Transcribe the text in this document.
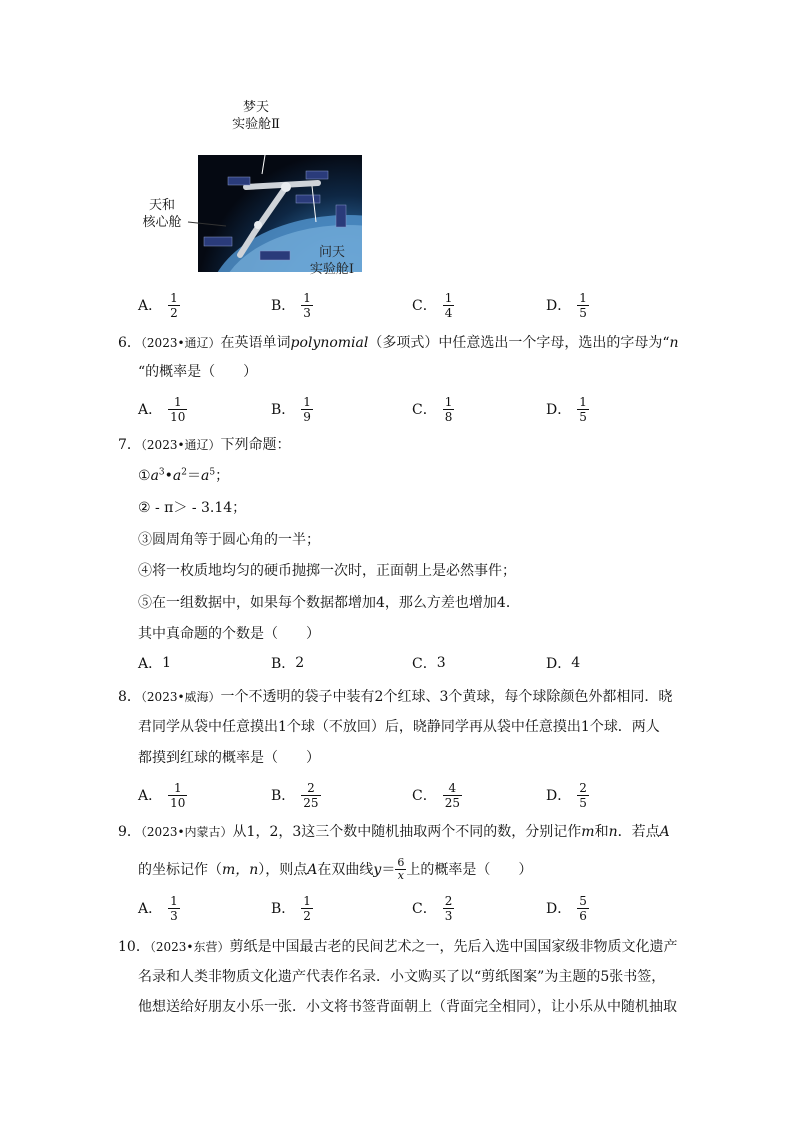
梦天
实验舱Ⅱ
天和
核心舱
问天
实验舱Ⅰ
A． $\frac{1}{2}$	B． $\frac{1}{3}$	C． $\frac{1}{4}$	D． $\frac{1}{5}$
6．（2023•通辽）在英语单词polynomial（多项式）中任意选出一个字母，选出的字母为“n
“的概率是（　　）
A． $\frac{1}{10}$	B． $\frac{1}{9}$	C． $\frac{1}{8}$	D． $\frac{1}{5}$
7．（2023•通辽）下列命题：
$①a^3•a^2=a^5$；
② ‑ π＞ ‑ 3.14；
③圆周角等于圆心角的一半；
④将一枚质地均匀的硬币抛掷一次时，正面朝上是必然事件；
⑤在一组数据中，如果每个数据都增加4，那么方差也增加4．
其中真命题的个数是（　　）
A． 1	B． 2	C． 3	D． 4
8．（2023•威海）一个不透明的袋子中装有2个红球、3个黄球，每个球除颜色外都相同．晓
君同学从袋中任意摸出1个球（不放回）后，晓静同学再从袋中任意摸出1个球．两人
都摸到红球的概率是（　　）
A． $\frac{1}{10}$	B． $\frac{2}{25}$	C． $\frac{4}{25}$	D． $\frac{2}{5}$
9．（2023•内蒙古）从1，2，3这三个数中随机抽取两个不同的数，分别记作m和n．若点A
的坐标记作（ m，n ），则点 A 在双曲线 $y = \frac{6}{x}$ 上的概率是（　　）
A． $\frac{1}{3}$	B． $\frac{1}{2}$	C． $\frac{2}{3}$	D． $\frac{5}{6}$
10．（2023•东营）剪纸是中国最古老的民间艺术之一，先后入选中国国家级非物质文化遗产
名录和人类非物质文化遗产代表作名录．小文购买了以“剪纸图案”为主题的5张书签，
他想送给好朋友小乐一张．小文将书签背面朝上（背面完全相同），让小乐从中随机抽取
